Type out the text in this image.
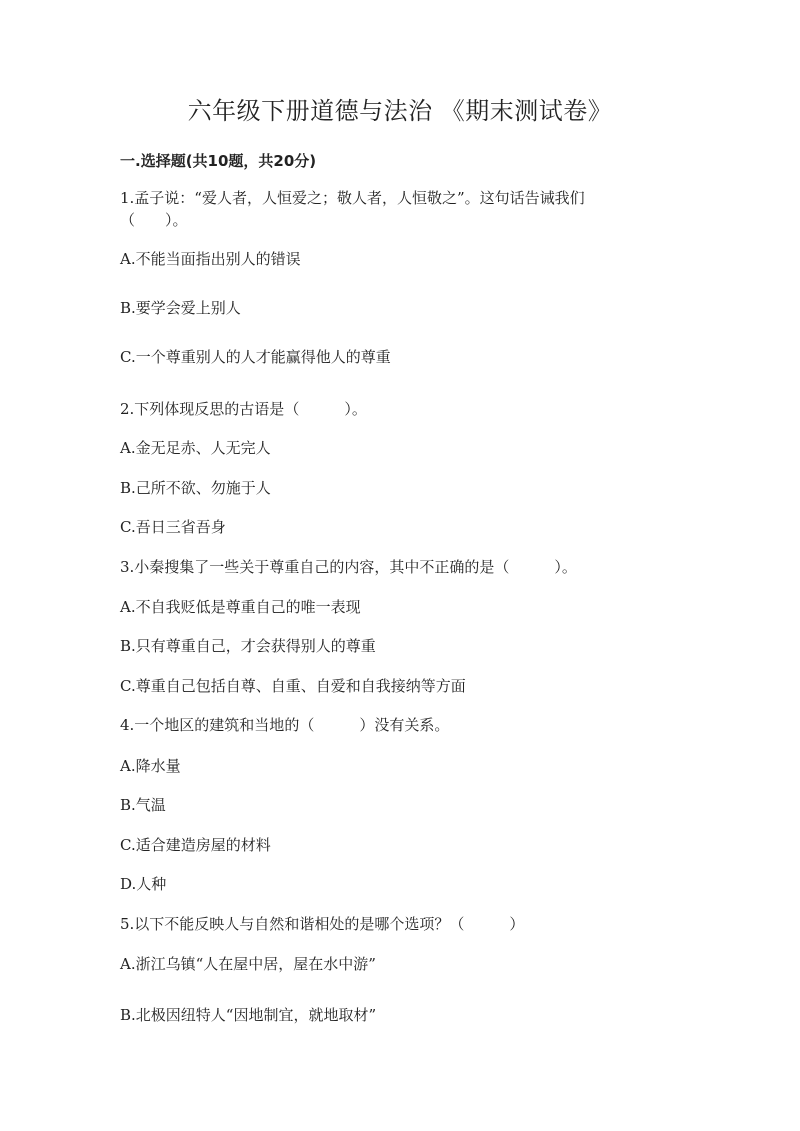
六年级下册道德与法治 《期末测试卷》
一.选择题(共10题，共20分)
1.孟子说：“爱人者，人恒爱之；敬人者，人恒敬之”。这句话告诫我们
（　　）。
A.不能当面指出别人的错误
B.要学会爱上别人
C.一个尊重别人的人才能赢得他人的尊重
2.下列体现反思的古语是（　　　）。
A.金无足赤、人无完人
B.己所不欲、勿施于人
C.吾日三省吾身
3.小秦搜集了一些关于尊重自己的内容，其中不正确的是（　　　）。
A.不自我贬低是尊重自己的唯一表现
B.只有尊重自己，才会获得别人的尊重
C.尊重自己包括自尊、自重、自爱和自我接纳等方面
4.一个地区的建筑和当地的（　　　）没有关系。
A.降水量
B.气温
C.适合建造房屋的材料
D.人种
5.以下不能反映人与自然和谐相处的是哪个选项？（　　　）
A.浙江乌镇“人在屋中居，屋在水中游”
B.北极因纽特人“因地制宜，就地取材”
